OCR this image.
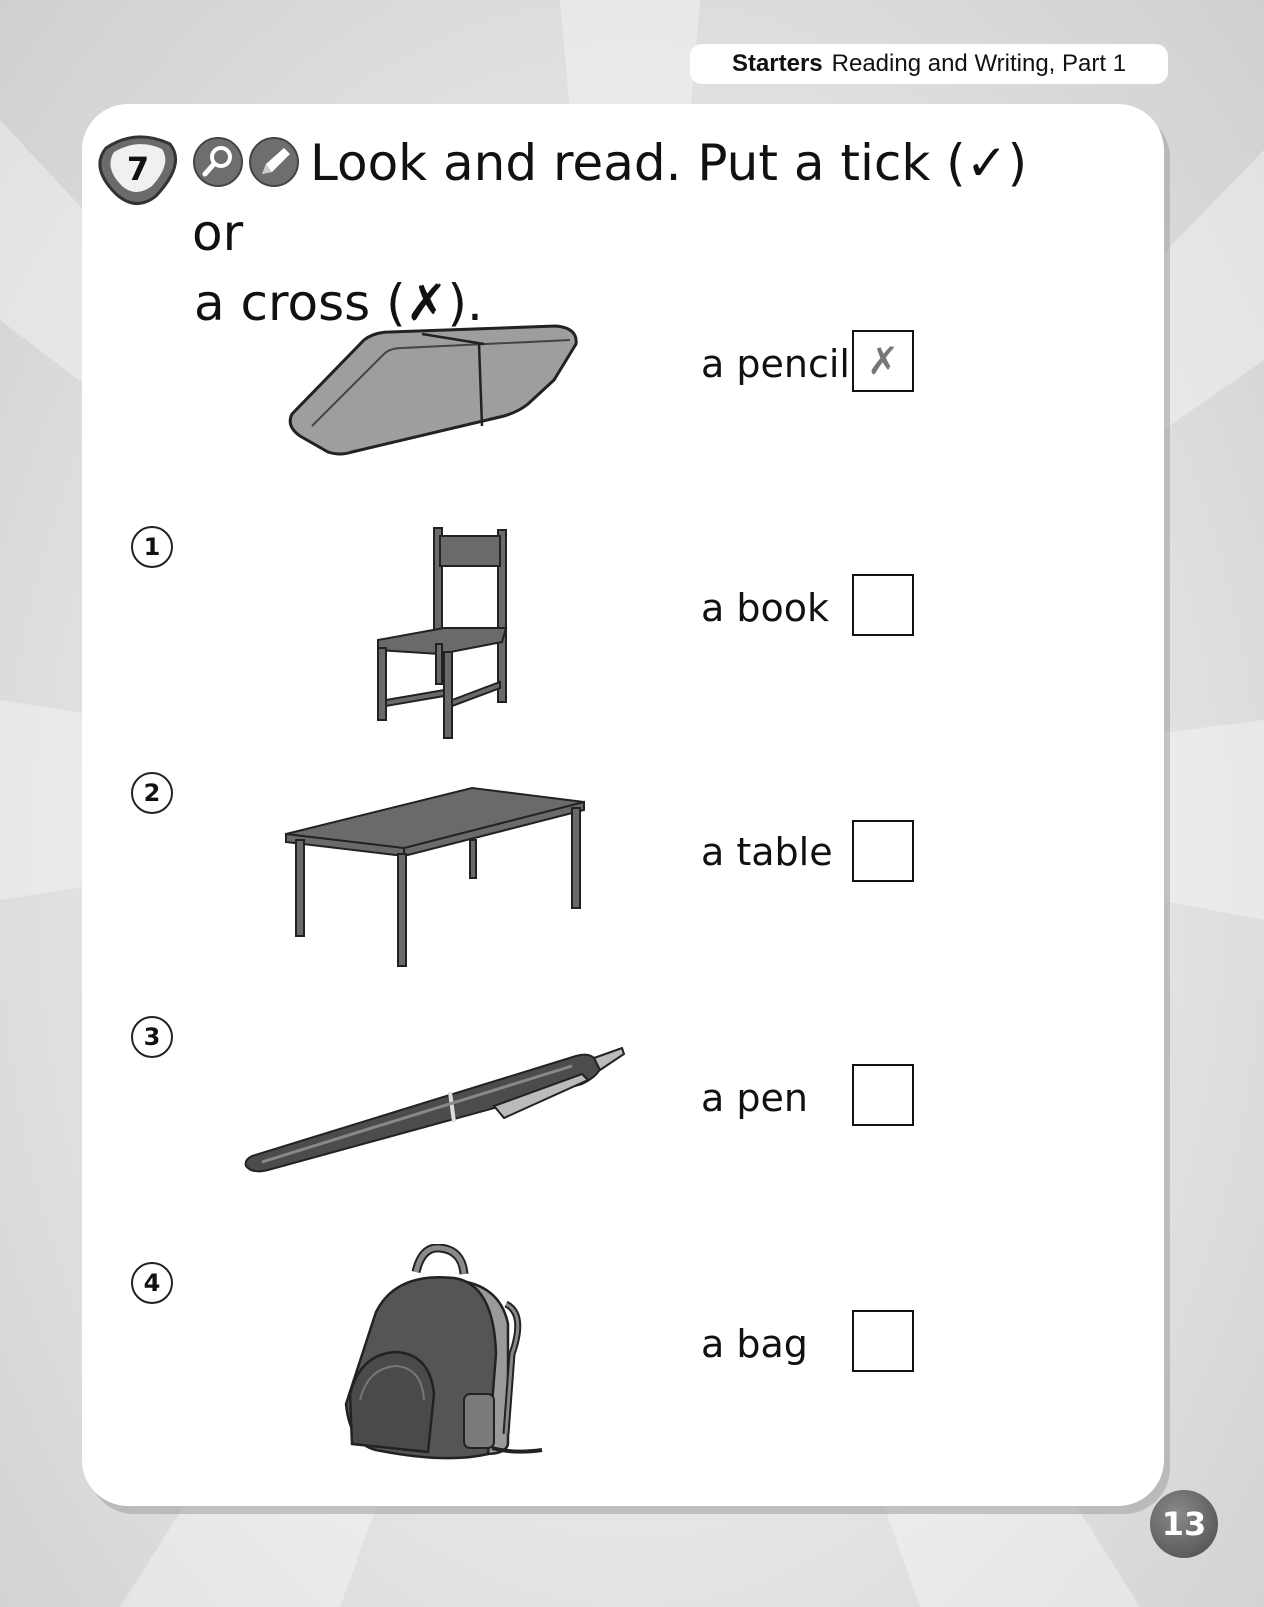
Starters Reading and Writing, Part 1
7	Look and read. Put a tick (✓) or
a cross (✗).
a pencil ✗
1
a book
2
a table
3
a pen
4
a bag
13
